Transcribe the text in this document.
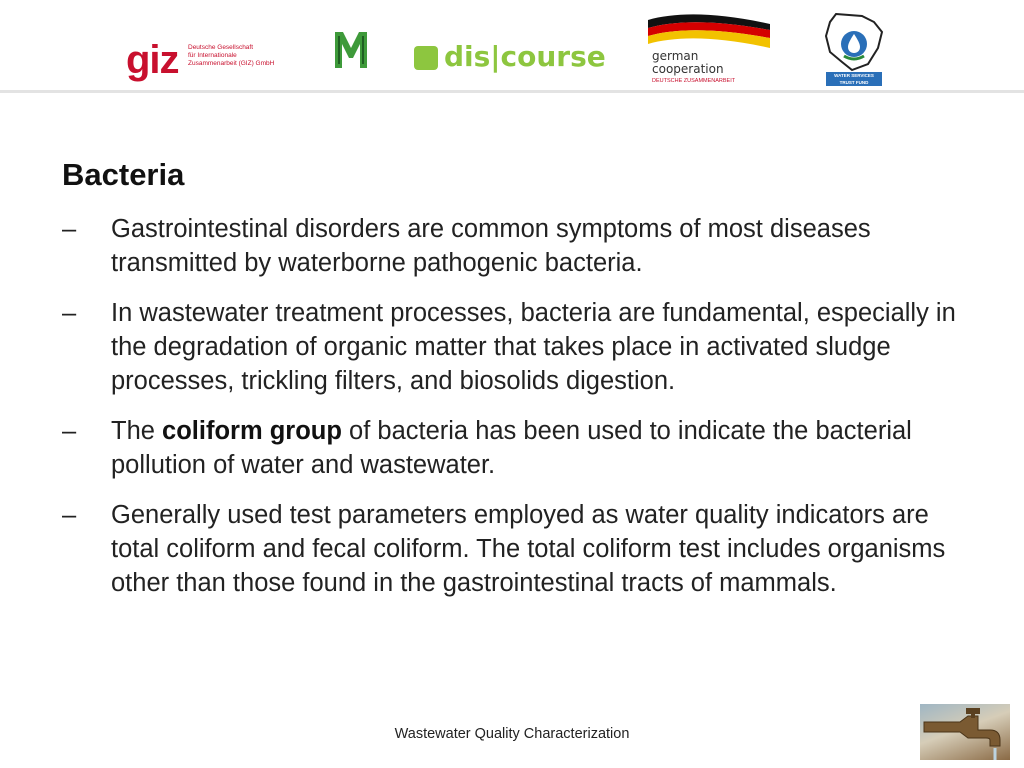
giz Deutsche Gesellschaft
für Internationale
Zusammenarbeit (GIZ) GmbH	dis|course	german
cooperation
DEUTSCHE ZUSAMMENARBEIT
WATER SERVICES TRUST FUND
Bacteria
– Gastrointestinal disorders are common symptoms of most diseases transmitted by waterborne pathogenic bacteria.
– In wastewater treatment processes, bacteria are fundamental, especially in the degradation of organic matter that takes place in activated sludge processes, trickling filters, and biosolids digestion.
– The coliform group of bacteria has been used to indicate the bacterial pollution of water and wastewater.
– Generally used test parameters employed as water quality indicators are total coliform and fecal coliform. The total coliform test includes organisms other than those found in the gastrointestinal tracts of mammals.
Wastewater Quality Characterization
